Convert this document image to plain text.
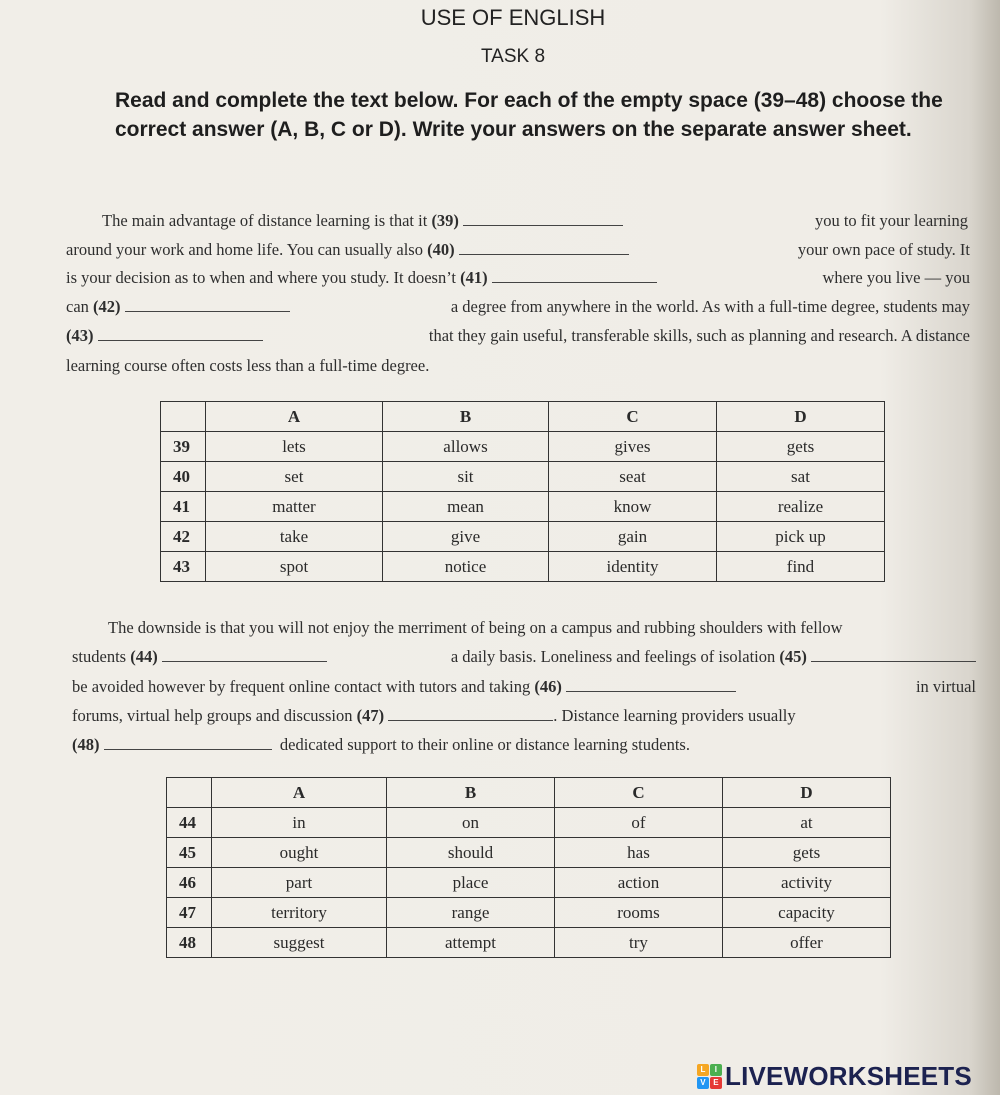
USE OF ENGLISH
TASK 8
Read and complete the text below. For each of the empty space (39–48) choose the correct answer (A, B, C or D). Write your answers on the separate answer sheet.
The main advantage of distance learning is that it (39)	you to fit your learning
around your work and home life. You can usually also (40)	your own pace of study. It
is your decision as to when and where you study. It doesn’t (41)	where you live — you
can (42)	a degree from anywhere in the world. As with a full-time degree, students may
(43)	that they gain useful, transferable skills, such as planning and research. A distance
learning course often costs less than a full-time degree.
	A	B	C	D
39	lets	allows	gives	gets
40	set	sit	seat	sat
41	matter	mean	know	realize
42	take	give	gain	pick up
43	spot	notice	identity	find
The downside is that you will not enjoy the merriment of being on a campus and rubbing shoulders with fellow
students (44)	a daily basis. Loneliness and feelings of isolation (45)
be avoided however by frequent online contact with tutors and taking (46)	in virtual
forums, virtual help groups and discussion (47)	. Distance learning providers usually
(48)

	dedicated support to their online or distance learning students.
	A	B	C	D
44	in	on	of	at
45	ought	should	has	gets
46	part	place	action	activity
47	territory	range	rooms	capacity
48	suggest	attempt	try	offer
L	I
V E LIVEWORKSHEETS
